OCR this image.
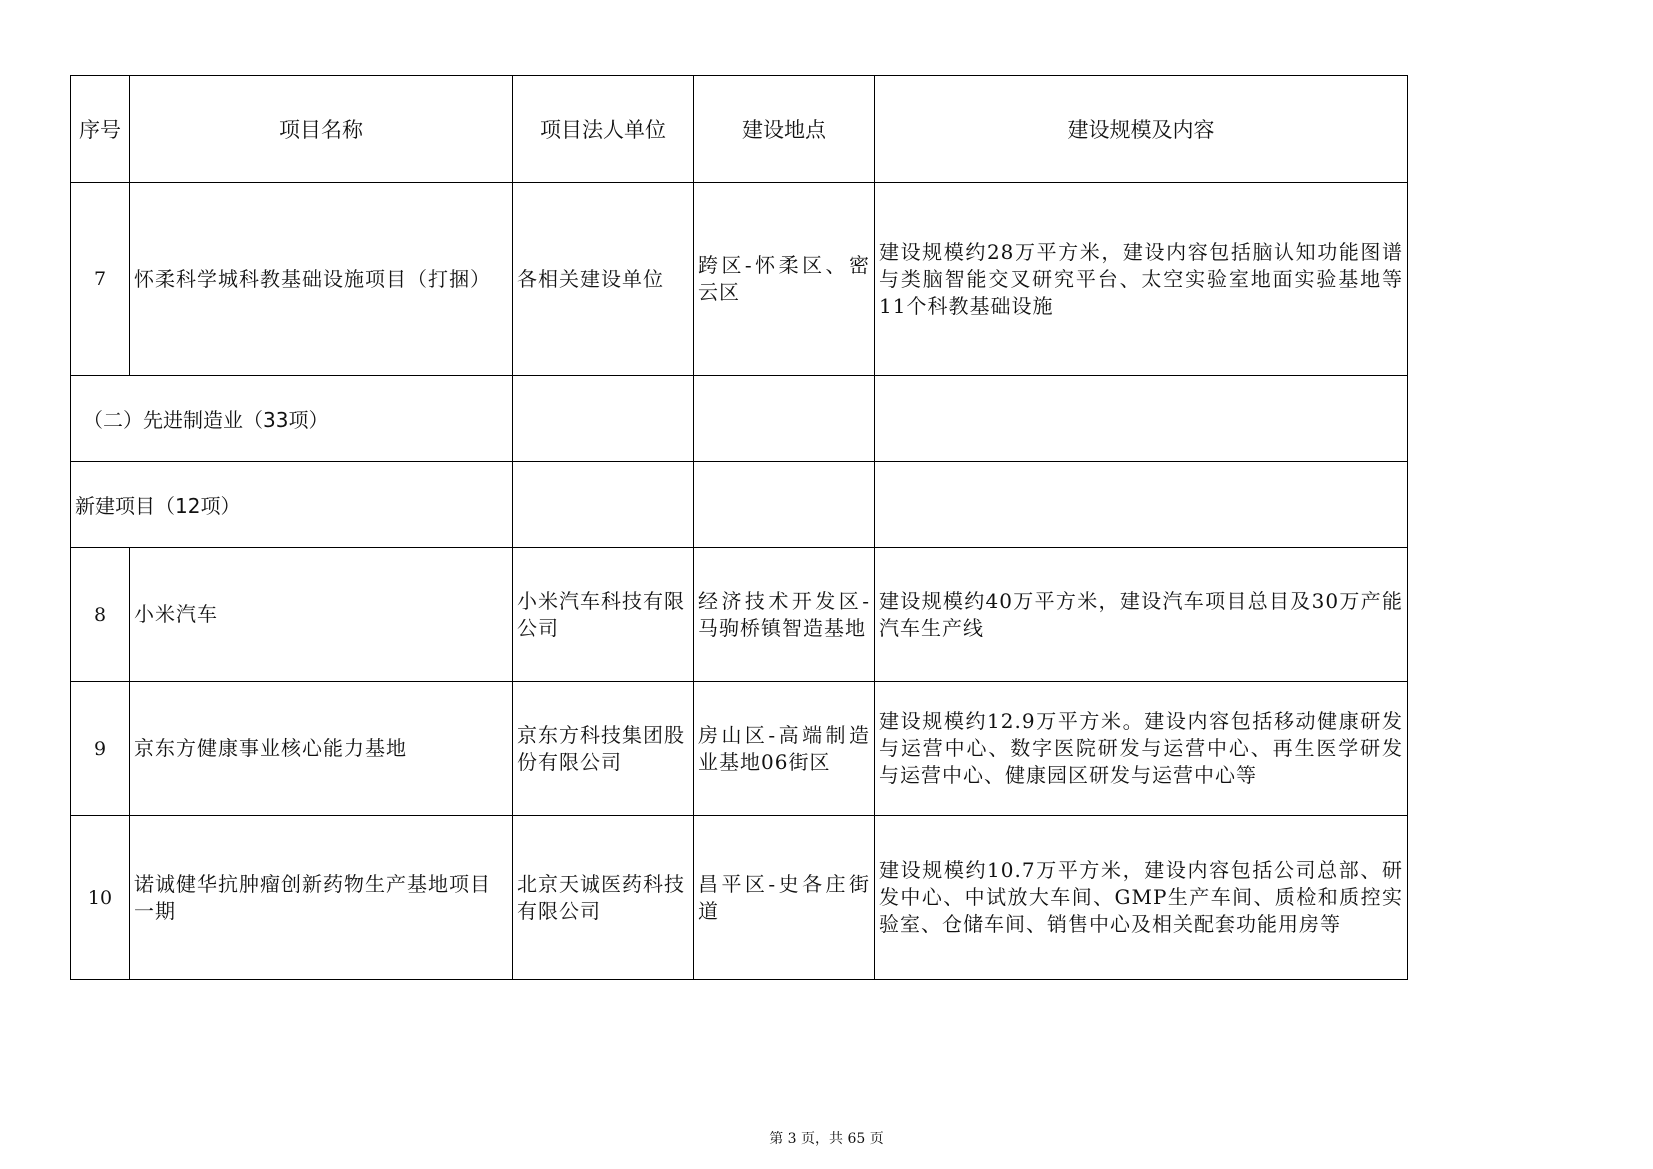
序号	项目名称	项目法人单位	建设地点	建设规模及内容
7	怀柔科学城科教基础设施项目（打捆）	各相关建设单位	跨区-怀柔区、密云区	建设规模约28万平方米，建设内容包括脑认知功能图谱与类脑智能交叉研究平台、太空实验室地面实验基地等11个科教基础设施
（二）先进制造业（33项）				
新建项目（12项）				
8	小米汽车	小米汽车科技有限公司	经济技术开发区-马驹桥镇智造基地	建设规模约40万平方米，建设汽车项目总目及30万产能汽车生产线
9	京东方健康事业核心能力基地	京东方科技集团股份有限公司	房山区-高端制造业基地06街区	建设规模约12.9万平方米。建设内容包括移动健康研发与运营中心、数字医院研发与运营中心、再生医学研发与运营中心、健康园区研发与运营中心等
10	诺诚健华抗肿瘤创新药物生产基地项目一期	北京天诚医药科技有限公司	昌平区-史各庄街道	建设规模约10.7万平方米，建设内容包括公司总部、研发中心、中试放大车间、GMP生产车间、质检和质控实验室、仓储车间、销售中心及相关配套功能用房等
第 3 页，共 65 页
